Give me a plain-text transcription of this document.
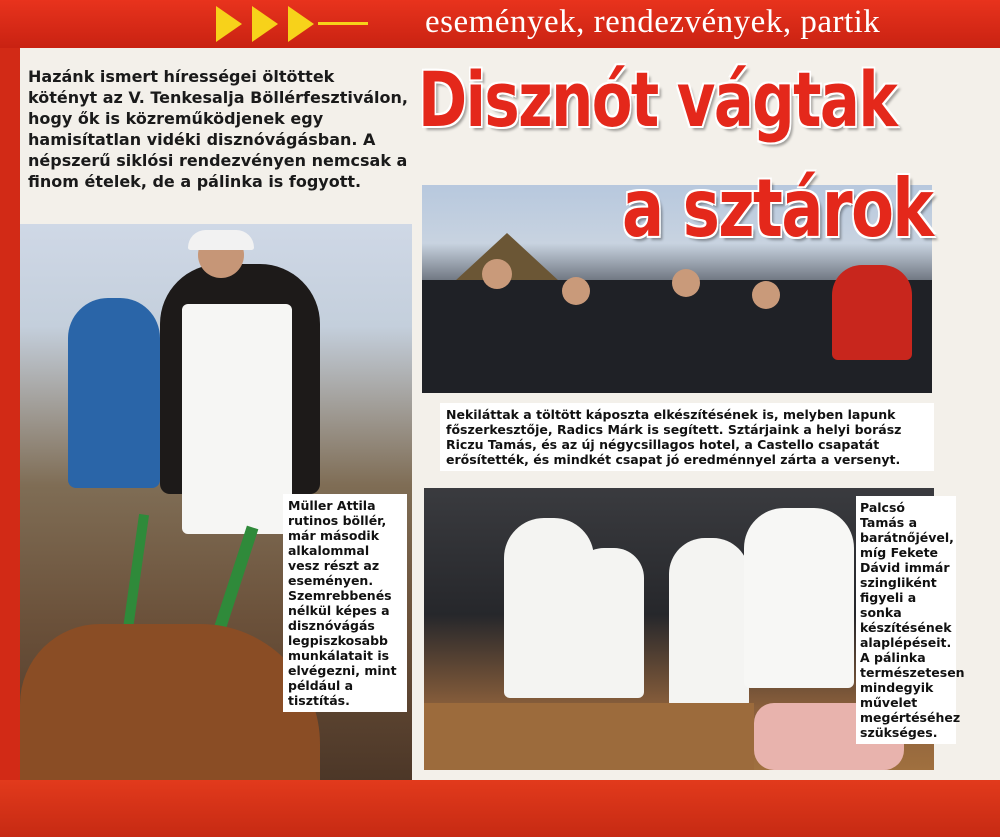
események, rendezvények, partik
Hazánk ismert hírességei öltöttek kötényt az V. Tenkesalja Böllérfesztiválon, hogy ők is közreműködjenek egy hamisítatlan vidéki disznóvágásban. A népszerű siklósi rendezvényen nemcsak a finom ételek, de a pálinka is fogyott.
Disznót vágtak
a sztárok
Nekiláttak a töltött káposzta elkészítésének is, melyben lapunk főszerkesztője, Radics Márk is segített. Sztárjaink a helyi borász Riczu Tamás, és az új négycsillagos hotel, a Castello csapatát erősítették, és mindkét csapat jó eredménnyel zárta a versenyt.
Müller Attila rutinos böllér, már második alkalommal vesz részt az eseményen. Szemrebbenés nélkül képes a disznóvágás legpiszkosabb munkálatait is elvégezni, mint például a tisztítás.
Palcsó Tamás a barátnőjével, míg Fekete Dávid immár szingliként figyeli a sonka készítésének alaplépéseit. A pálinka természetesen mindegyik művelet megértéséhez szükséges.
